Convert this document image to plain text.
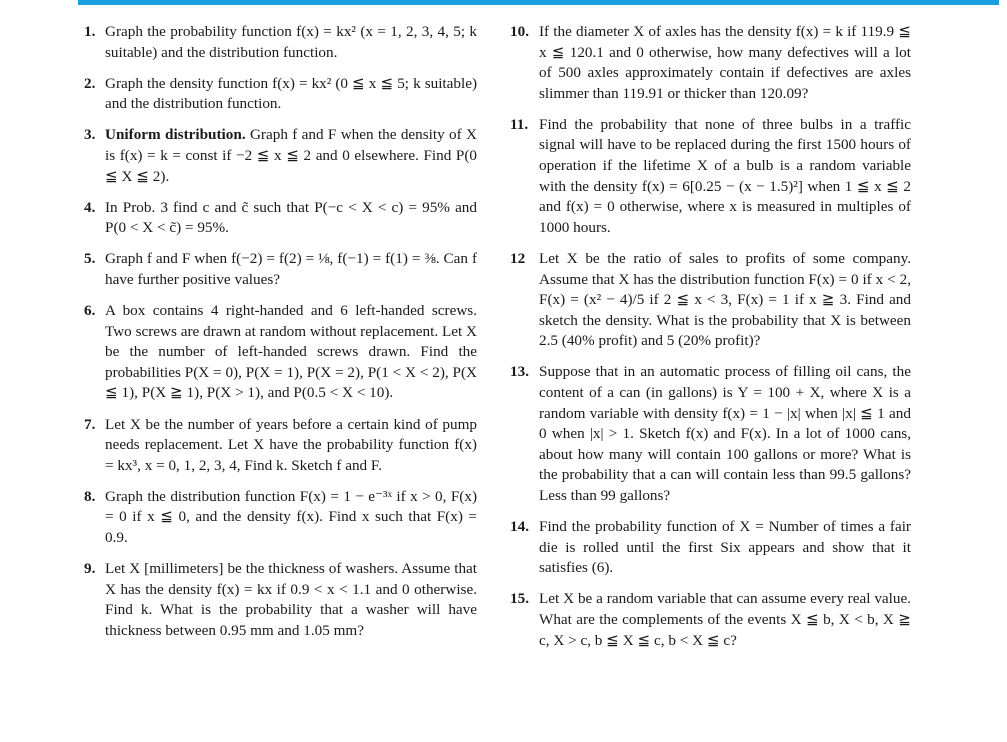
1. Graph the probability function f(x) = kx² (x = 1, 2, 3, 4, 5; k suitable) and the distribution function.
2. Graph the density function f(x) = kx² (0 ≦ x ≦ 5; k suitable) and the distribution function.
3. Uniform distribution. Graph f and F when the density of X is f(x) = k = const if −2 ≦ x ≦ 2 and 0 elsewhere. Find P(0 ≦ X ≦ 2).
4. In Prob. 3 find c and c̃ such that P(−c < X < c) = 95% and P(0 < X < c̃) = 95%.
5. Graph f and F when f(−2) = f(2) = ⅛, f(−1) = f(1) = ⅜. Can f have further positive values?
6. A box contains 4 right-handed and 6 left-handed screws. Two screws are drawn at random without replacement. Let X be the number of left-handed screws drawn. Find the probabilities P(X = 0), P(X = 1), P(X = 2), P(1 < X < 2), P(X ≦ 1), P(X ≧ 1), P(X > 1), and P(0.5 < X < 10).
7. Let X be the number of years before a certain kind of pump needs replacement. Let X have the probability function f(x) = kx³, x = 0, 1, 2, 3, 4, Find k. Sketch f and F.
8. Graph the distribution function F(x) = 1 − e⁻³ˣ if x > 0, F(x) = 0 if x ≦ 0, and the density f(x). Find x such that F(x) = 0.9.
9. Let X [millimeters] be the thickness of washers. Assume that X has the density f(x) = kx if 0.9 < x < 1.1 and 0 otherwise. Find k. What is the probability that a washer will have thickness between 0.95 mm and 1.05 mm?
10. If the diameter X of axles has the density f(x) = k if 119.9 ≦ x ≦ 120.1 and 0 otherwise, how many defectives will a lot of 500 axles approximately contain if defectives are axles slimmer than 119.91 or thicker than 120.09?
11. Find the probability that none of three bulbs in a traffic signal will have to be replaced during the first 1500 hours of operation if the lifetime X of a bulb is a random variable with the density f(x) = 6[0.25 − (x − 1.5)²] when 1 ≦ x ≦ 2 and f(x) = 0 otherwise, where x is measured in multiples of 1000 hours.
12 Let X be the ratio of sales to profits of some company. Assume that X has the distribution function F(x) = 0 if x < 2, F(x) = (x² − 4)/5 if 2 ≦ x < 3, F(x) = 1 if x ≧ 3. Find and sketch the density. What is the probability that X is between 2.5 (40% profit) and 5 (20% profit)?
13. Suppose that in an automatic process of filling oil cans, the content of a can (in gallons) is Y = 100 + X, where X is a random variable with density f(x) = 1 − |x| when |x| ≦ 1 and 0 when |x| > 1. Sketch f(x) and F(x). In a lot of 1000 cans, about how many will contain 100 gallons or more? What is the probability that a can will contain less than 99.5 gallons? Less than 99 gallons?
14. Find the probability function of X = Number of times a fair die is rolled until the first Six appears and show that it satisfies (6).
15. Let X be a random variable that can assume every real value. What are the complements of the events X ≦ b, X < b, X ≧ c, X > c, b ≦ X ≦ c, b < X ≦ c?
